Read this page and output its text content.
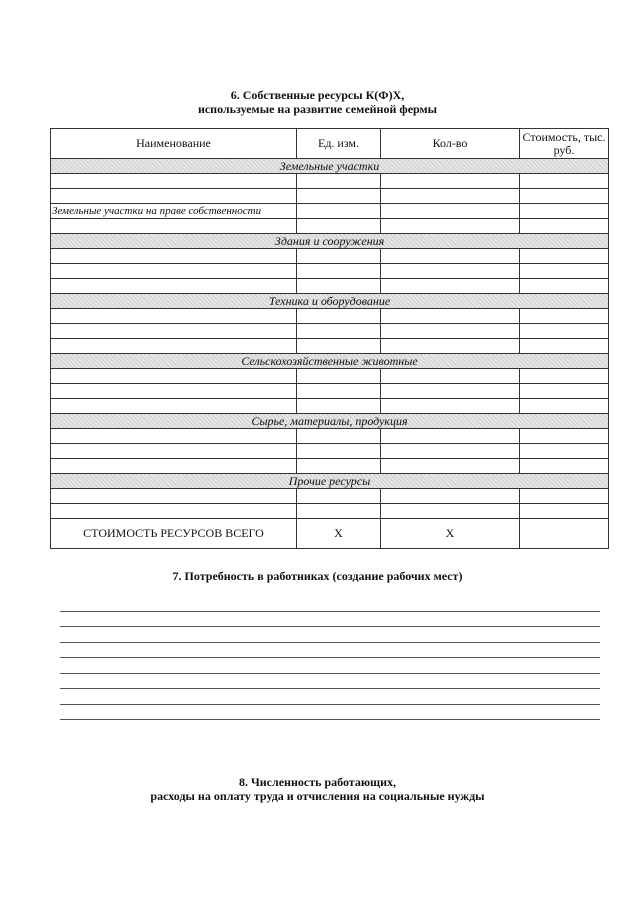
6. Собственные ресурсы К(Ф)Х,
используемые на развитие семейной фермы
Наименование	Ед. изм.	Кол-во	Стоимость, тыс. руб.
Земельные участки			

Земельные участки на праве собственности			

Здания и сооружения			

Техника и оборудование			

Сельскохозяйственные животные			

Сырье, материалы, продукция			

Прочие ресурсы			

СТОИМОСТЬ РЕСУРСОВ ВСЕГО	Х	Х	
7. Потребность в работниках (создание рабочих мест)
8. Численность работающих,
расходы на оплату труда и отчисления на социальные нужды
